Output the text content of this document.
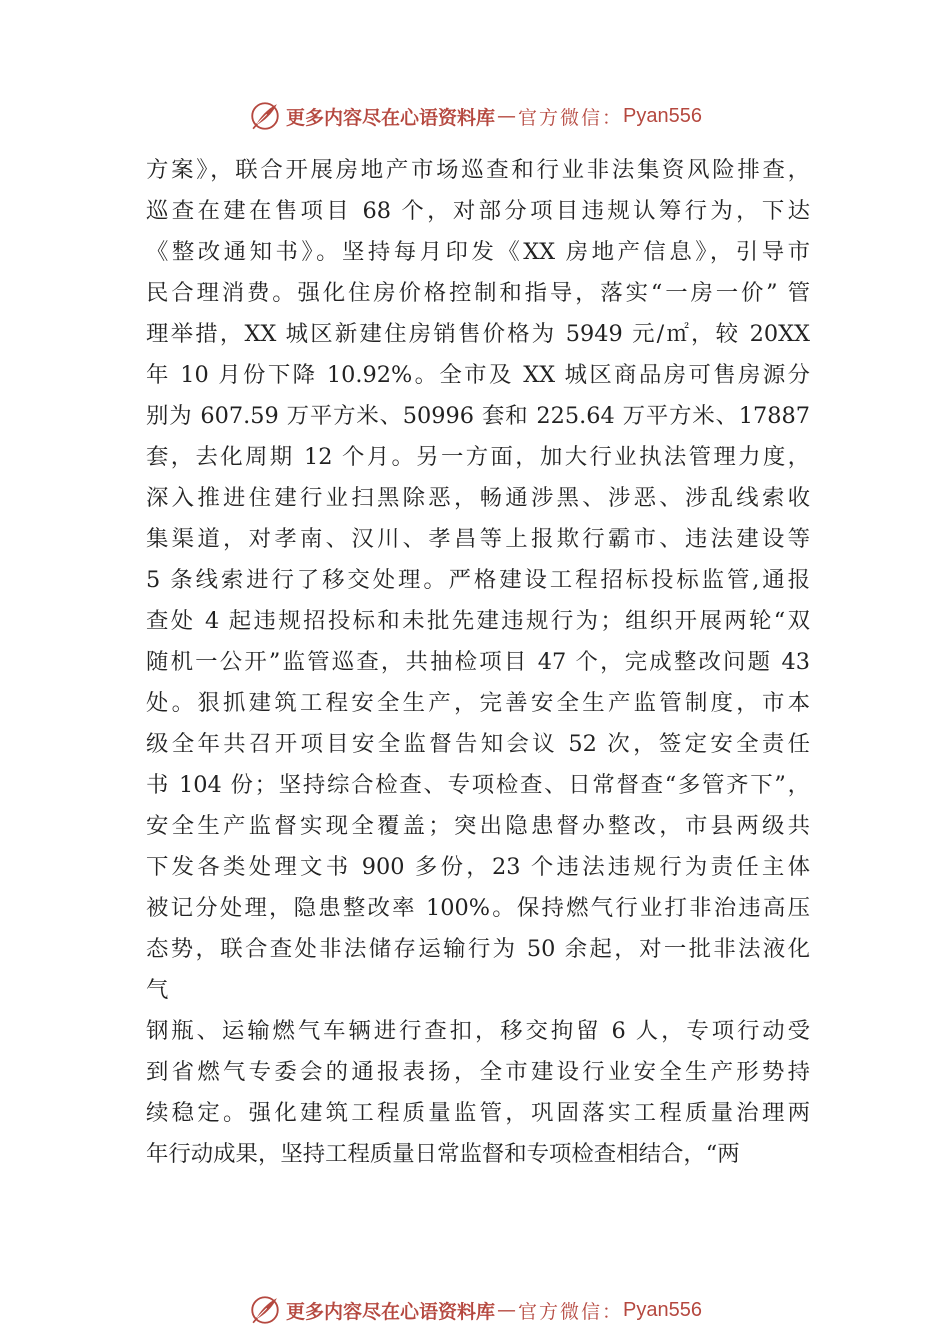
更多内容尽在心语资料库 — 官方微信： Pyan556
方案》，联合开展房地产市场巡查和行业非法集资风险排查，
巡查在建在售项目 68 个，对部分项目违规认筹行为，下达
《整改通知书》。坚持每月印发《XX 房地产信息》，引导市
民合理消费。强化住房价格控制和指导，落实“一房一价” 管
理举措，XX 城区新建住房销售价格为 5949 元/㎡，较 20XX
年 10 月份下降 10.92%。全市及 XX 城区商品房可售房源分
别为 607.59 万平方米、50996 套和 225.64 万平方米、17887
套，去化周期 12 个月。另一方面，加大行业执法管理力度，
深入推进住建行业扫黑除恶，畅通涉黑、涉恶、涉乱线索收
集渠道，对孝南、汉川、孝昌等上报欺行霸市、违法建设等
5 条线索进行了移交处理。严格建设工程招标投标监管,通报
查处 4 起违规招投标和未批先建违规行为；组织开展两轮“双
随机一公开”监管巡查，共抽检项目 47 个，完成整改问题 43
处。狠抓建筑工程安全生产，完善安全生产监管制度，市本
级全年共召开项目安全监督告知会议 52 次，签定安全责任
书 104 份；坚持综合检查、专项检查、日常督查“多管齐下”，
安全生产监督实现全覆盖；突出隐患督办整改，市县两级共
下发各类处理文书 900 多份，23 个违法违规行为责任主体
被记分处理，隐患整改率 100%。保持燃气行业打非治违高压
态势，联合查处非法储存运输行为 50 余起，对一批非法液化
气
钢瓶、运输燃气车辆进行查扣，移交拘留 6 人，专项行动受
到省燃气专委会的通报表扬，全市建设行业安全生产形势持
续稳定。强化建筑工程质量监管，巩固落实工程质量治理两
年行动成果，坚持工程质量日常监督和专项检查相结合，“两
更多内容尽在心语资料库 — 官方微信： Pyan556
